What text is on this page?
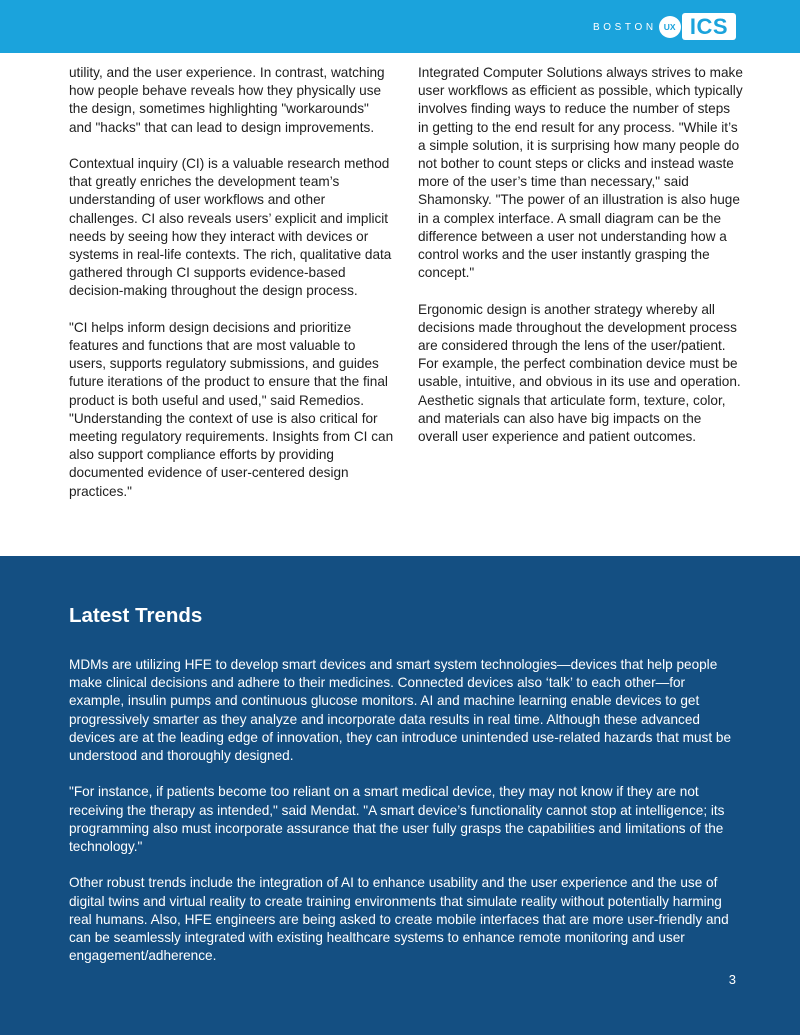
BOSTON UX ICS

utility, and the user experience. In contrast, watching how people behave reveals how they physically use the design, sometimes highlighting "workarounds" and "hacks" that can lead to design improvements.

Contextual inquiry (CI) is a valuable research method that greatly enriches the development team’s understanding of user workflows and other challenges. CI also reveals users’ explicit and implicit needs by seeing how they interact with devices or systems in real-life contexts. The rich, qualitative data gathered through CI supports evidence-based decision-making throughout the design process.

"CI helps inform design decisions and prioritize features and functions that are most valuable to users, supports regulatory submissions, and guides future iterations of the product to ensure that the final product is both useful and used," said Remedios. "Understanding the context of use is also critical for meeting regulatory requirements. Insights from CI can also support compliance efforts by providing documented evidence of user-centered design practices."

Integrated Computer Solutions always strives to make user workflows as efficient as possible, which typically involves finding ways to reduce the number of steps in getting to the end result for any process. "While it’s a simple solution, it is surprising how many people do not bother to count steps or clicks and instead waste more of the user’s time than necessary," said Shamonsky. "The power of an illustration is also huge in a complex interface. A small diagram can be the difference between a user not understanding how a control works and the user instantly grasping the concept."

Ergonomic design is another strategy whereby all decisions made throughout the development process are considered through the lens of the user/patient. For example, the perfect combination device must be usable, intuitive, and obvious in its use and operation. Aesthetic signals that articulate form, texture, color, and materials can also have big impacts on the overall user experience and patient outcomes.

Latest Trends

MDMs are utilizing HFE to develop smart devices and smart system technologies—devices that help people make clinical decisions and adhere to their medicines. Connected devices also ‘talk’ to each other—for example, insulin pumps and continuous glucose monitors. AI and machine learning enable devices to get progressively smarter as they analyze and incorporate data results in real time. Although these advanced devices are at the leading edge of innovation, they can introduce unintended use-related hazards that must be understood and thoroughly designed.

"For instance, if patients become too reliant on a smart medical device, they may not know if they are not receiving the therapy as intended," said Mendat. "A smart device’s functionality cannot stop at intelligence; its programming also must incorporate assurance that the user fully grasps the capabilities and limitations of the technology."

Other robust trends include the integration of AI to enhance usability and the user experience and the use of digital twins and virtual reality to create training environments that simulate reality without potentially harming real humans. Also, HFE engineers are being asked to create mobile interfaces that are more user-friendly and can be seamlessly integrated with existing healthcare systems to enhance remote monitoring and user engagement/adherence.

3
